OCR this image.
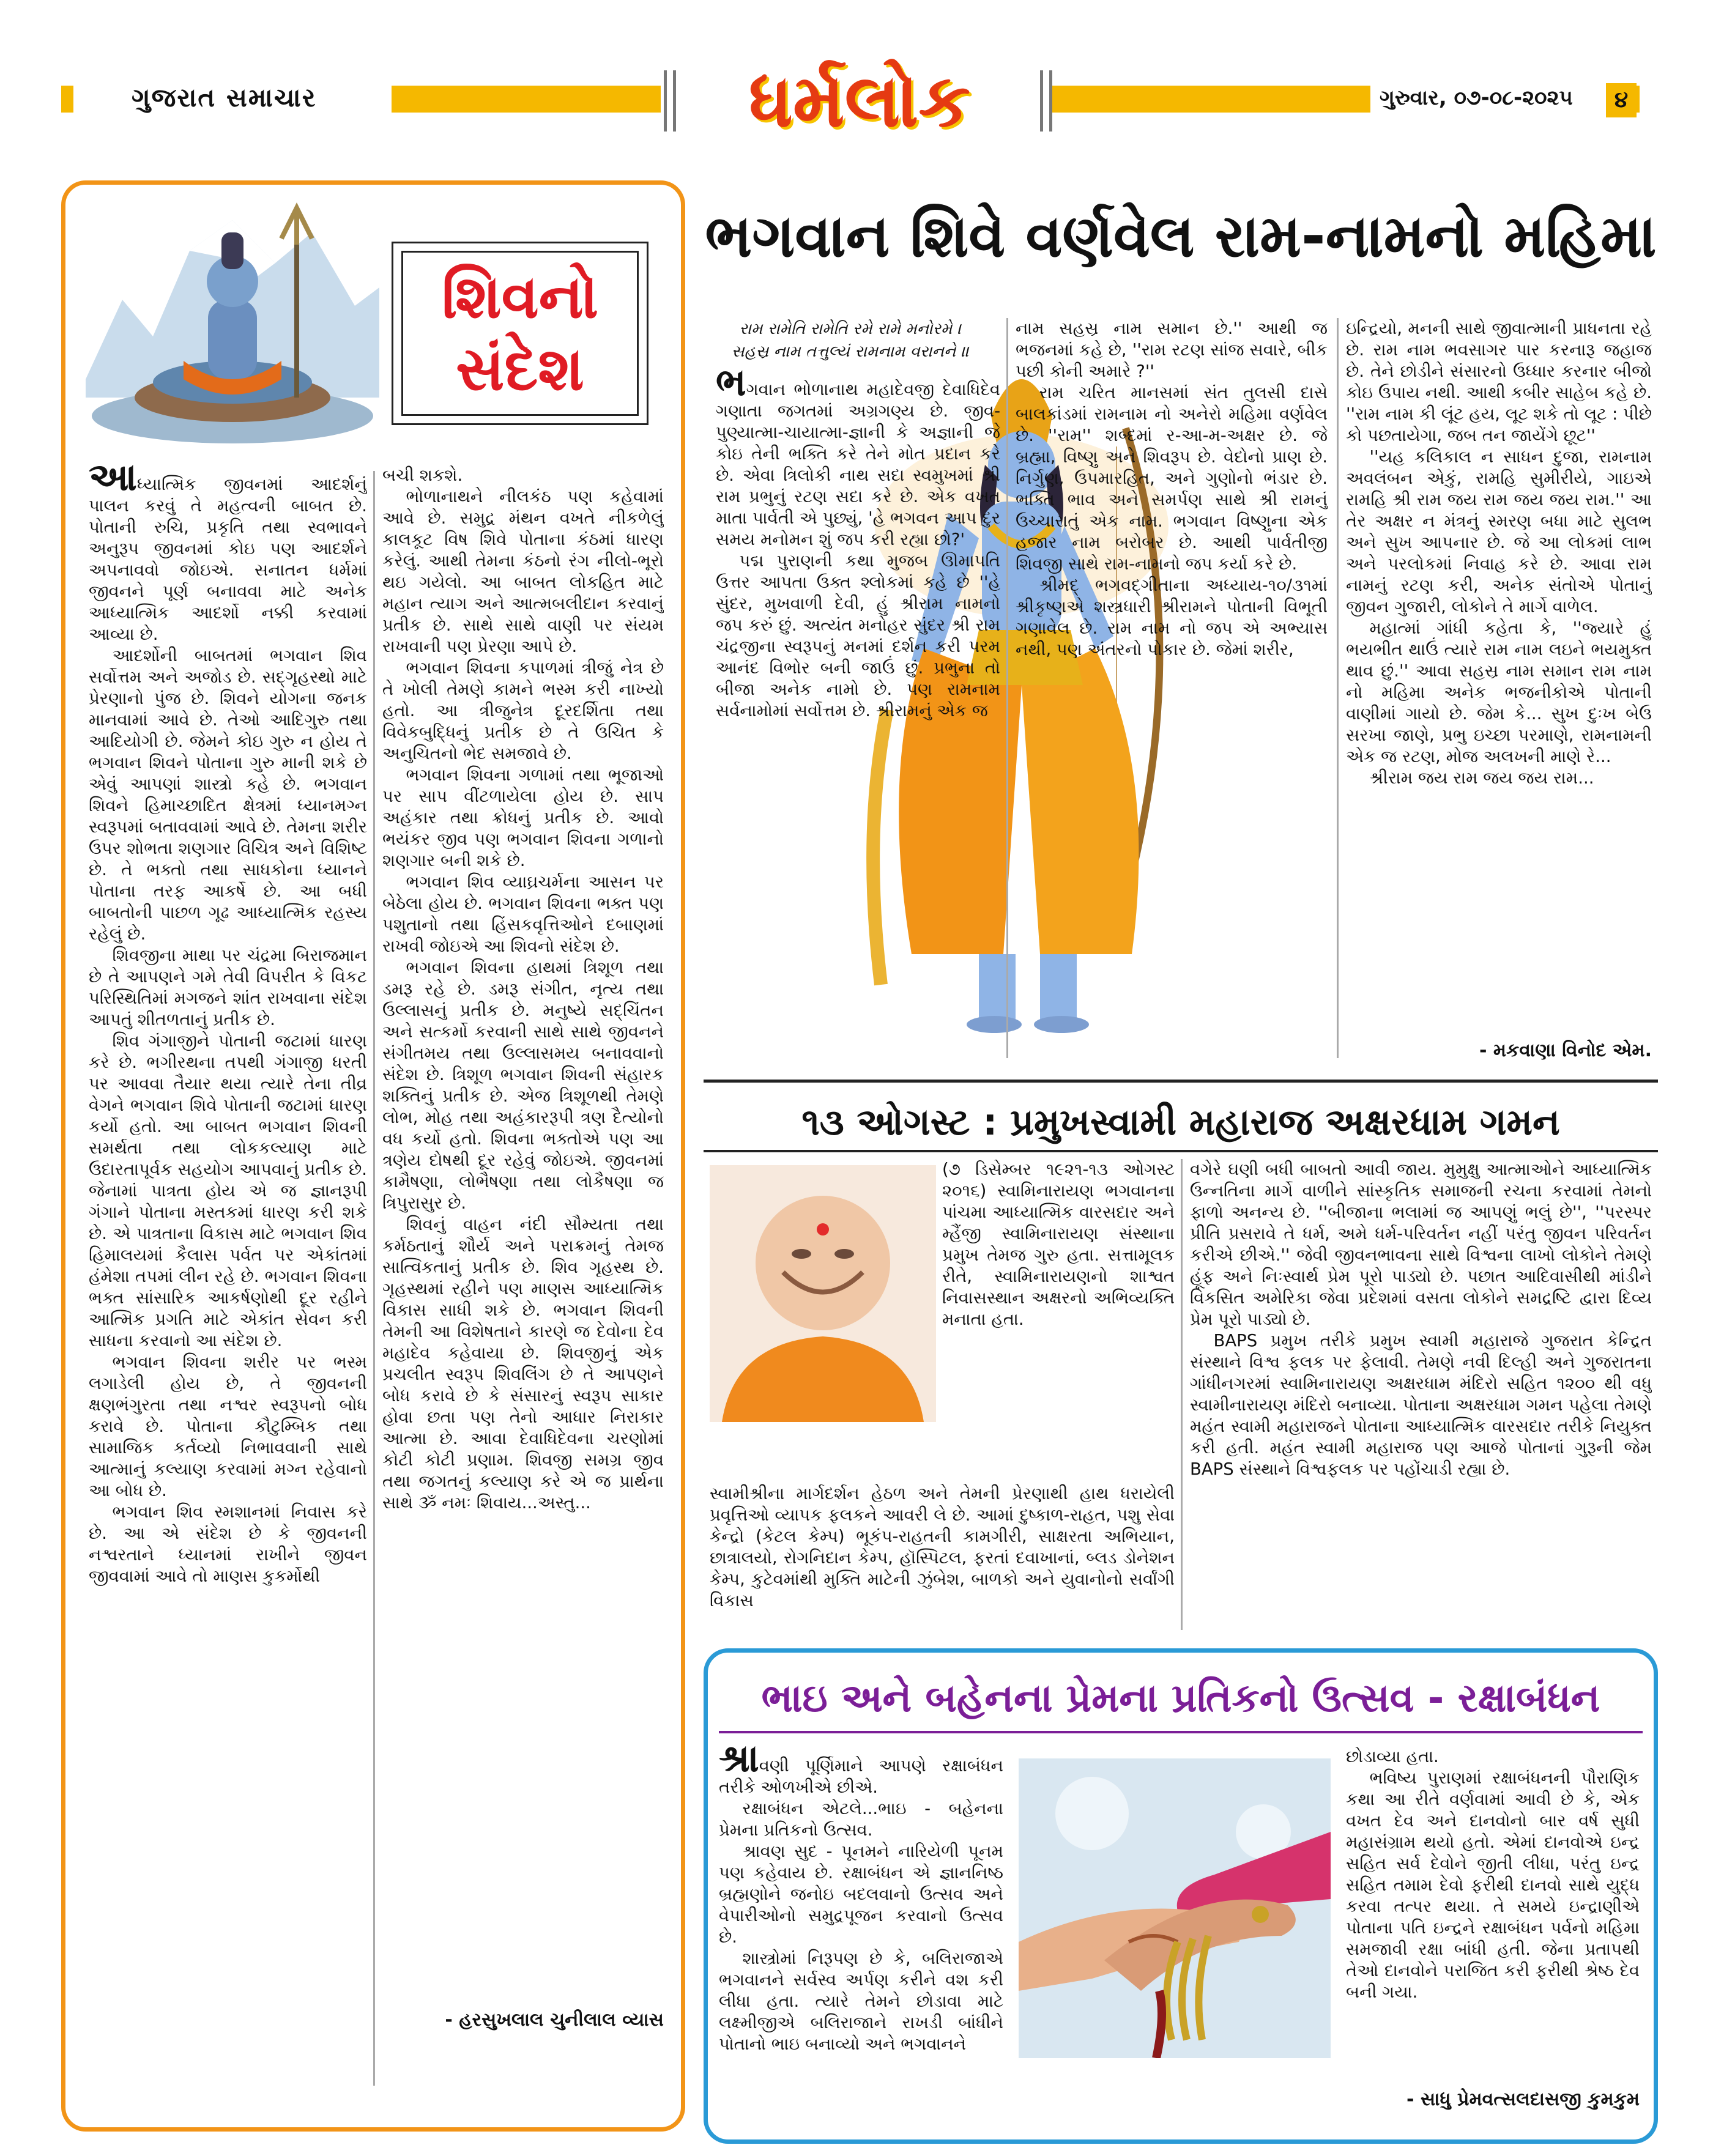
ગુજરાત સમાચાર	ધર્મલોક	ગુરુવાર, ૦૭-૦૮-૨૦૨૫	૪
શિવનો
સંદેશ

આધ્યાત્મિક જીવનમાં આદર્શનું પાલન કરવું તે મહત્વની બાબત છે. પોતાની રુચિ, પ્રકૃતિ તથા સ્વભાવને અનુરૂપ જીવનમાં કોઇ પણ આદર્શને અપનાવવો જોઇએ. સનાતન ધર્મમાં જીવનને પૂર્ણ બનાવવા માટે અનેક આધ્યાત્મિક આદર્શો નક્કી કરવામાં આવ્યા છે.

આદર્શોની બાબતમાં ભગવાન શિવ સર્વોત્તમ અને અજોડ છે. સદ્‌ગૃહસ્થો માટે પ્રેરણાનો પુંજ છે. શિવને યોગના જનક માનવામાં આવે છે. તેઓ આદિગુરુ તથા આદિયોગી છે. જેમને કોઇ ગુરુ ન હોય તે ભગવાન શિવને પોતાના ગુરુ માની શકે છે એવું આપણાં શાસ્ત્રો કહે છે. ભગવાન શિવને હિમાચ્છાદિત ક્ષેત્રમાં ધ્યાનમગ્ન સ્વરૂપમાં બતાવવામાં આવે છે. તેમના શરીર ઉપર શોભતા શણગાર વિચિત્ર અને વિશિષ્ટ છે. તે ભક્તો તથા સાધકોના ધ્યાનને પોતાના તરફ આકર્ષે છે. આ બધી બાબતોની પાછળ ગૂઢ આધ્યાત્મિક રહસ્ય રહેલું છે.

શિવજીના માથા પર ચંદ્રમા બિરાજમાન છે તે આપણને ગમે તેવી વિપરીત કે વિકટ પરિસ્થિતિમાં મગજને શાંત રાખવાના સંદેશ આપતું શીતળતાનું પ્રતીક છે.

શિવ ગંગાજીને પોતાની જટામાં ધારણ કરે છે. ભગીરથના તપથી ગંગાજી ધરતી પર આવવા તૈયાર થયા ત્યારે તેના તીવ્ર વેગને ભગવાન શિવે પોતાની જટામાં ધારણ કર્યો હતો. આ બાબત ભગવાન શિવની સમર્થતા તથા લોકકલ્યાણ માટે ઉદારતાપૂર્વક સહયોગ આપવાનું પ્રતીક છે. જેનામાં પાત્રતા હોય એ જ જ્ઞાનરૂપી ગંગાને પોતાના મસ્તકમાં ધારણ કરી શકે છે. એ પાત્રતાના વિકાસ માટે ભગવાન શિવ હિમાલયમાં કૈલાસ પર્વત પર એકાંતમાં હંમેશા તપમાં લીન રહે છે. ભગવાન શિવના ભક્ત સાંસારિક આકર્ષણોથી દૂર રહીને આત્મિક પ્રગતિ માટે એકાંત સેવન કરી સાધના કરવાનો આ સંદેશ છે.

ભગવાન શિવના શરીર પર ભસ્મ લગાડેલી હોય છે, તે જીવનની ક્ષણભંગુરતા તથા નશ્વર સ્વરૂપનો બોધ કરાવે છે. પોતાના કૌટુમ્બિક તથા સામાજિક કર્તવ્યો નિભાવવાની સાથે આત્માનું કલ્યાણ કરવામાં મગ્ન રહેવાનો આ બોધ છે.

ભગવાન શિવ સ્મશાનમાં નિવાસ કરે છે. આ એ સંદેશ છે કે જીવનની નશ્વરતાને ધ્યાનમાં રાખીને જીવન જીવવામાં આવે તો માણસ કુકર્મોથી

બચી શકશે.

ભોળાનાથને નીલકંઠ પણ કહેવામાં આવે છે. સમુદ્ર મંથન વખતે નીકળેલું કાલકૂટ વિષ શિવે પોતાના કંઠમાં ધારણ કરેલું. આથી તેમના કંઠનો રંગ નીલો-ભૂરો થઇ ગયેલો. આ બાબત લોકહિત માટે મહાન ત્યાગ અને આત્મબલીદાન કરવાનું પ્રતીક છે. સાથે સાથે વાણી પર સંયમ રાખવાની પણ પ્રેરણા આપે છે.

ભગવાન શિવના કપાળમાં ત્રીજું નેત્ર છે તે ખોલી તેમણે કામને ભસ્મ કરી નાખ્યો હતો. આ ત્રીજુનેત્ર દૂરદર્શિતા તથા વિવેકબુદ્ધિનું પ્રતીક છે તે ઉચિત કે અનુચિતનો ભેદ સમજાવે છે.

ભગવાન શિવના ગળામાં તથા ભૂજાઓ પર સાપ વીંટળાયેલા હોય છે. સાપ અહંકાર તથા ક્રોધનું પ્રતીક છે. આવો ભયંકર જીવ પણ ભગવાન શિવના ગળાનો શણગાર બની શકે છે.

ભગવાન શિવ વ્યાઘ્રચર્મના આસન પર બેઠેલા હોય છે. ભગવાન શિવના ભક્ત પણ પશુતાનો તથા હિંસકવૃત્તિઓને દબાણમાં રાખવી જોઇએ આ શિવનો સંદેશ છે.

ભગવાન શિવના હાથમાં ત્રિશૂળ તથા ડમરૂ રહે છે. ડમરૂ સંગીત, નૃત્ય તથા ઉલ્લાસનું પ્રતીક છે. મનુષ્યે સદ્‌ચિંતન અને સત્કર્મો કરવાની સાથે સાથે જીવનને સંગીતમય તથા ઉલ્લાસમય બનાવવાનો સંદેશ છે. ત્રિશૂળ ભગવાન શિવની સંહારક શક્તિનું પ્રતીક છે. એજ ત્રિશૂળથી તેમણે લોભ, મોહ તથા અહંકારરૂપી ત્રણ દૈત્યોનો વધ કર્યો હતો. શિવના ભક્તોએ પણ આ ત્રણેય દોષથી દૂર રહેવું જોઇએ. જીવનમાં કામૈષણા, લોભૈષણા તથા લોકૈષણા જ ત્રિપુરાસુર છે.

શિવનું વાહન નંદી સૌમ્યતા તથા કર્મઠતાનું શૌર્ય અને પરાક્રમનું તેમજ સાત્વિકતાનું પ્રતીક છે. શિવ ગૃહસ્થ છે. ગૃહસ્થમાં રહીને પણ માણસ આધ્યાત્મિક વિકાસ સાધી શકે છે. ભગવાન શિવની તેમની આ વિશેષતાને કારણે જ દેવોના દેવ મહાદેવ કહેવાયા છે. શિવજીનું એક પ્રચલીત સ્વરૂપ શિવલિંગ છે તે આપણને બોધ કરાવે છે કે સંસારનું સ્વરૂપ સાકાર હોવા છતા પણ તેનો આધાર નિરાકાર આત્મા છે. આવા દેવાધિદેવના ચરણોમાં કોટી કોટી પ્રણામ. શિવજી સમગ્ર જીવ તથા જગતનું કલ્યાણ કરે એ જ પ્રાર્થના સાથે ૐ નમઃ શિવાય...અસ્તુ...

- હરસુખલાલ ચુનીલાલ વ્યાસ
ભગવાન શિવે વર્ણવેલ રામ-નામનો મહિમા
રામ રામેતિ રામેતિ રમે રામે મનોરમે ।
સહસ્ર નામ તત્તુલ્યં રામનામ વરાનને ॥

ભગવાન ભોળાનાથ મહાદેવજી દેવાધિદેવ ગણાતા જગતમાં અગ્રગણ્ય છે. જીવ-પુણ્યાત્મા-ચાયાત્મા-જ્ઞાની કે અજ્ઞાની જે કોઇ તેની ભક્તિ કરે તેને મોત પ્રદાન કરે છે. એવા ત્રિલોકી નાથ સદા સ્વમુખમાં શ્રી રામ પ્રભુનું રટણ સદા કરે છે. એક વખત માતા પાર્વતી એ પુછ્યું, 'હે ભગવન આપ દુર સમય મનોમન શું જપ કરી રહ્યા છો?'

પદ્મ પુરાણની કથા મુજબ ઊમાપતિ ઉત્તર આપતા ઉક્ત શ્લોકમાં કહે છે ''હે સુંદર, મુખવાળી દેવી, હું શ્રીરામ નામનો જપ કરું છું. અત્યંત મનોહર સુંદર શ્રી રામ ચંદ્રજીના સ્વરૂપનું મનમાં દર્શન કરી પરમ આનંદ વિભોર બની જાઉં છું. પ્રભુના તો બીજા અનેક નામો છે. પણ રામનામ સર્વનામોમાં સર્વોત્તમ છે. શ્રીરામનું એક જ

નામ સહસ્ર નામ સમાન છે.'' આથી જ ભજનમાં કહે છે, ''રામ રટણ સાંજ સવારે, બીક પછી કોની અમારે ?''

રામ ચરિત માનસમાં સંત તુલસી દાસે બાલકાંડમાં રામનામ નો અનેરો મહિમા વર્ણવેલ છે. ''રામ'' શબ્દમાં ર-આ-મ-અક્ષર છે. જે બ્રહ્મા, વિષ્ણુ અને શિવરૂપ છે. વેદોનો પ્રાણ છે. નિર્ગુણ, ઉપમારહિત, અને ગુણોનો ભંડાર છે. ભક્તિ ભાવ અને સમર્પણ સાથે શ્રી રામનું ઉચ્ચારાતું એક નામ. ભગવાન વિષ્ણુના એક હજાર નામ બરોબર છે. આથી પાર્વતીજી શિવજી સાથે રામ-નામનો જપ કર્યા કરે છે.

શ્રીમદ્ ભગવદ્‌ગીતાના અધ્યાય-૧૦/૩૧માં શ્રીકૃષ્ણએ શસ્ત્રધારી શ્રીરામને પોતાની વિભૂતી ગણાવેલ છે. રામ નામ નો જપ એ અભ્યાસ નથી, પણ અંતરનો પોકાર છે. જેમાં શરીર,

ઇન્દ્રિયો, મનની સાથે જીવાત્માની પ્રાધનતા રહે છે. રામ નામ ભવસાગર પાર કરનારૂ જહાજ છે. તેને છોડીને સંસારનો ઉધ્ધાર કરનાર બીજો કોઇ ઉપાય નથી. આથી કબીર સાહેબ કહે છે. ''રામ નામ કી લૂંટ હય, લૂટ શકે તો લૂટ : પીછે કો પછતાયેગા, જબ તન જાયેંગે છૂટ''

''યહ કલિકાલ ન સાધન દુજા, રામનામ અવલંબન એકું, રામહિ સુમીરીયે, ગાઇએ રામહિ શ્રી રામ જય રામ જય જય રામ.'' આ તેર અક્ષર ન મંત્રનું સ્મરણ બધા માટે સુલભ અને સુખ આપનાર છે. જે આ લોકમાં લાભ અને પરલોકમાં નિવાહ કરે છે. આવા રામ નામનું રટણ કરી, અનેક સંતોએ પોતાનું જીવન ગુજારી, લોકોને તે માર્ગે વાળેલ.

મહાત્માં ગાંધી કહેતા કે, ''જ્યારે હું ભયભીત થાઉં ત્યારે રામ નામ લઇને ભયમુક્ત થાવ છું.'' આવા સહસ્ર નામ સમાન રામ નામ નો મહિમા અનેક ભજનીકોએ પોતાની વાણીમાં ગાયો છે. જેમ કે... સુખ દુઃખ બેઉ સરખા જાણે, પ્રભુ ઇચ્છા પરમાણે, રામનામની એક જ રટણ, મોજ અલખની માણે રે...

શ્રીરામ જય રામ જય જય રામ...

- મકવાણા વિનોદ એમ.
૧૩ ઓગસ્ટ : પ્રમુખસ્વામી મહારાજ અક્ષરધામ ગમન

(૭ ડિસેમ્બર ૧૯૨૧-૧૩ ઓગસ્ટ ૨૦૧૬) સ્વામિનારાયણ ભગવાનના પાંચમા આધ્યાત્મિક વારસદાર અને મ્હૈંજી સ્વામિનારાયણ સંસ્થાના પ્રમુખ તેમજ ગુરુ હતા. સત્તામૂલક રીતે, સ્વામિનારાયણનો શાશ્વત નિવાસસ્થાન અક્ષરનો અભિવ્યક્તિ મનાતા હતા.

સ્વામીશ્રીના માર્ગદર્શન હેઠળ અને તેમની પ્રેરણાથી હાથ ધરાયેલી પ્રવૃત્તિઓ વ્યાપક ફલકને આવરી લે છે. આમાં દુષ્કાળ-રાહત, પશુ સેવા કેન્દ્રો (કેટલ કેમ્પ) ભૂકંપ-રાહતની કામગીરી, સાક્ષરતા અભિયાન, છાત્રાલયો, રોગનિદાન કેમ્પ, હૉસ્પિટલ, ફરતાં દવાખાનાં, બ્લડ ડોનેશન કેમ્પ, કુટેવમાંથી મુક્તિ માટેની ઝુંબેશ, બાળકો અને યુવાનોનો સર્વાંગી વિકાસ

વગેરે ઘણી બધી બાબતો આવી જાય. મુમુક્ષુ આત્માઓને આધ્યાત્મિક ઉન્નતિના માર્ગે વાળીને સાંસ્કૃતિક સમાજની રચના કરવામાં તેમનો ફાળો અનન્ય છે. ''બીજાના ભલામાં જ આપણું ભલું છે'', ''પરસ્પર પ્રીતિ પ્રસરાવે તે ધર્મ, અમે ધર્મ-પરિવર્તન નહીં પરંતુ જીવન પરિવર્તન કરીએ છીએ.'' જેવી જીવનભાવના સાથે વિશ્વના લાખો લોકોને તેમણે હૂંફ અને નિઃસ્વાર્થ પ્રેમ પૂરો પાડ્યો છે. પછાત આદિવાસીથી માંડીને વિકસિત અમેરિકા જેવા પ્રદેશમાં વસતા લોકોને સમદ્રષ્ટિ દ્વારા દિવ્ય પ્રેમ પૂરો પાડ્યો છે.

BAPS પ્રમુખ તરીકે પ્રમુખ સ્વામી મહારાજે ગુજરાત કેન્દ્રિત સંસ્થાને વિશ્વ ફલક પર ફેલાવી. તેમણે નવી દિલ્હી અને ગુજરાતના ગાંધીનગરમાં સ્વામિનારાયણ અક્ષરધામ મંદિરો સહિત ૧૨૦૦ થી વધુ સ્વામીનારાયણ મંદિરો બનાવ્યા. પોતાના અક્ષરધામ ગમન પહેલા તેમણે મહંત સ્વામી મહારાજને પોતાના આધ્યાત્મિક વારસદાર તરીકે નિયુક્ત કરી હતી. મહંત સ્વામી મહારાજ પણ આજે પોતાનાં ગુરૂની જેમ BAPS સંસ્થાને વિશ્વફલક પર પહોંચાડી રહ્યા છે.

ભાઇ અને બહેનના પ્રેમના પ્રતિકનો ઉત્સવ - રક્ષાબંધન

શ્રાવણી પૂર્ણિમાને આપણે રક્ષાબંધન તરીકે ઓળખીએ છીએ.

રક્ષાબંધન એટલે...ભાઇ - બહેનના પ્રેમના પ્રતિકનો ઉત્સવ.

શ્રાવણ સુદ - પૂનમને નારિયેળી પૂનમ પણ કહેવાય છે. રક્ષાબંધન એ જ્ઞાનનિષ્ઠ બ્રહ્મણોને જનોઇ બદલવાનો ઉત્સવ અને વેપારીઓનો સમુદ્રપૂજન કરવાનો ઉત્સવ છે.

શાસ્ત્રોમાં નિરૂપણ છે કે, બલિરાજાએ ભગવાનને સર્વસ્વ અર્પણ કરીને વશ કરી લીધા હતા. ત્યારે તેમને છોડાવા માટે લક્ષ્મીજીએ બલિરાજાને રાખડી બાંધીને પોતાનો ભાઇ બનાવ્યો અને ભગવાનને

છોડાવ્યા હતા.

ભવિષ્ય પુરાણમાં રક્ષાબંધનની પૌરાણિક કથા આ રીતે વર્ણવામાં આવી છે કે, એક વખત દેવ અને દાનવોનો બાર વર્ષ સુધી મહાસંગ્રામ થયો હતો. એમાં દાનવોએ ઇન્દ્ર સહિત સર્વ દેવોને જીતી લીધા, પરંતુ ઇન્દ્ર સહિત તમામ દેવો ફરીથી દાનવો સાથે યુદ્ધ કરવા તત્પર થયા. તે સમયે ઇન્દ્રાણીએ પોતાના પતિ ઇન્દ્રને રક્ષાબંધન પર્વનો મહિમા સમજાવી રક્ષા બાંધી હતી. જેના પ્રતાપથી તેઓ દાનવોને પરાજિત કરી ફરીથી શ્રેષ્ઠ દેવ બની ગયા.

- સાધુ પ્રેમવત્સલદાસજી કુમકુમ
